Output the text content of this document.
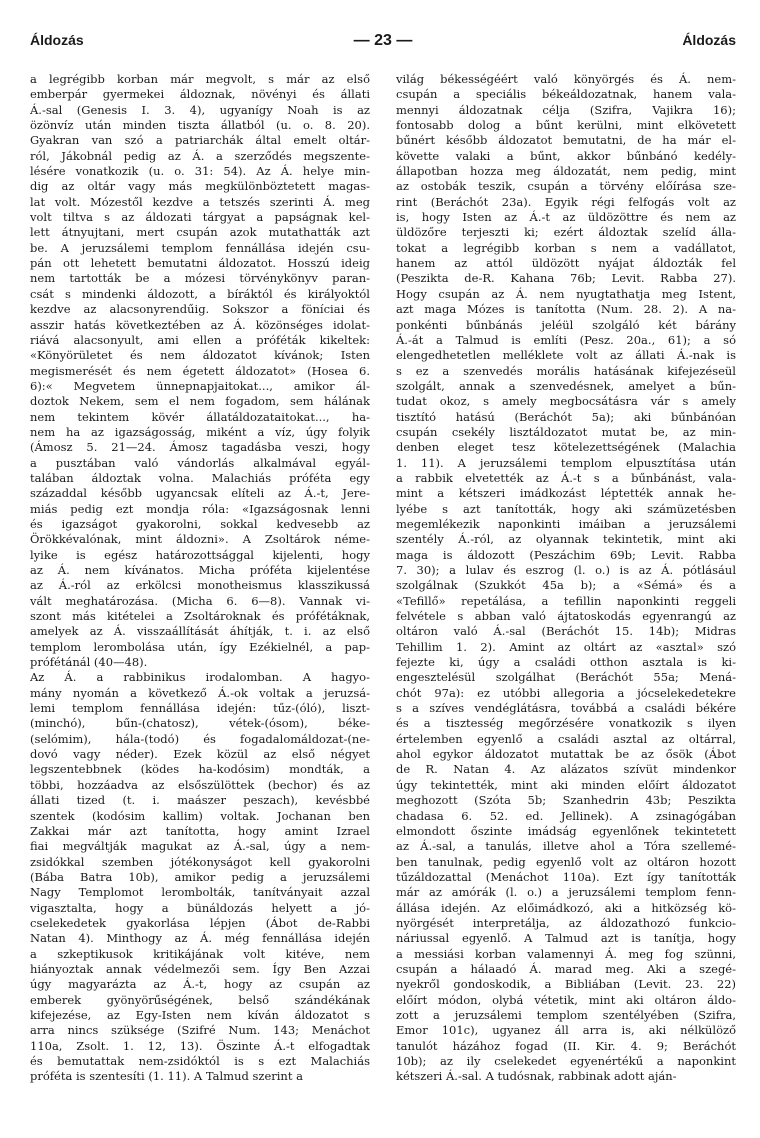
Áldozás	— 23 —	Áldozás
a legrégibb korban már megvolt, s már az első
emberpár gyermekei áldoznak, növényi és állati
Á.-sal (Genesis I. 3. 4), ugyanígy Noah is az
özönvíz után minden tiszta állatból (u. o. 8. 20).
Gyakran van szó a patriarchák által emelt oltár-
ról, Jákobnál pedig az Á. a szerződés megszente-
lésére vonatkozik (u. o. 31: 54). Az Á. helye min-
dig az oltár vagy más megkülönböztetett magas-
lat volt. Mózestől kezdve a tetszés szerinti Á. meg
volt tiltva s az áldozati tárgyat a papságnak kel-
lett átnyujtani, mert csupán azok mutathatták azt
be. A jeruzsálemi templom fennállása idején csu-
pán ott lehetett bemutatni áldozatot. Hosszú ideig
nem tartották be a mózesi törvénykönyv paran-
csát s mindenki áldozott, a bíráktól és királyoktól
kezdve az alacsonyrendűig. Sokszor a föníciai és
asszir hatás következtében az Á. közönséges idolat-
riává alacsonyult, ami ellen a próféták kikeltek:
«Könyörületet és nem áldozatot kívánok; Isten
megismerését és nem égetett áldozatot» (Hosea 6.
6):« Megvetem ünnepnapjaitokat..., amikor ál-
doztok Nekem, sem el nem fogadom, sem hálának
nem tekintem kövér állatáldozataitokat..., ha-
nem ha az igazságosság, miként a víz, úgy folyik
(Ámosz 5. 21—24. Ámosz tagadásba veszi, hogy
a pusztában való vándorlás alkalmával egyál-
talában áldoztak volna. Malachiás próféta egy
századdal később ugyancsak elíteli az Á.-t, Jere-
miás pedig ezt mondja róla: «Igazságosnak lenni
és igazságot gyakorolni, sokkal kedvesebb az
Örökkévalónak, mint áldozni». A Zsoltárok néme-
lyike is egész határozottsággal kijelenti, hogy
az Á. nem kívánatos. Micha próféta kijelentése
az Á.-ról az erkölcsi monotheismus klasszikussá
vált meghatározása. (Micha 6. 6—8). Vannak vi-
szont más kitételei a Zsoltároknak és prófétáknak,
amelyek az Á. visszaállítását áhítják, t. i. az első
templom lerombolása után, így Ezékielnél, a pap-
prófétánál (40—48).
Az Á. a rabbinikus irodalomban. A hagyo-
mány nyomán a következő Á.-ok voltak a jeruzsá-
lemi templom fennállása idején: tűz-(óló), liszt-
(minchó), bűn-(chatosz), vétek-(ósom), béke-
(selómim), hála-(todó) és fogadalomáldozat-(ne-
dovó vagy néder). Ezek közül az első négyet
legszentebbnek (ködes ha-kodósim) mondták, a
többi, hozzáadva az elsőszülöttek (bechor) és az
állati tized (t. i. maászer peszach), kevésbbé
szentek (kodósim kallim) voltak. Jochanan ben
Zakkai már azt tanította, hogy amint Izrael
fiai megváltják magukat az Á.-sal, úgy a nem-
zsidókkal szemben jótékonyságot kell gyakorolni
(Bába Batra 10b), amikor pedig a jeruzsálemi
Nagy Templomot lerombolták, tanítványait azzal
vigasztalta, hogy a bünáldozás helyett a jó-
cselekedetek gyakorlása lépjen (Ábot de-Rabbi
Natan 4). Minthogy az Á. még fennállása idején
a szkeptikusok kritikájának volt kitéve, nem
hiányoztak annak védelmezői sem. Így Ben Azzai
úgy magyarázta az Á.-t, hogy az csupán az
emberek gyönyörűségének, belső szándékának
kifejezése, az Egy-Isten nem kíván áldozatot s
arra nincs szüksége (Szifré Num. 143; Menáchot
110a, Zsolt. 1. 12, 13). Öszinte Á.-t elfogadtak
és bemutattak nem-zsidóktól is s ezt Malachiás
próféta is szentesíti (1. 11). A Talmud szerint a
világ békességéért való könyörgés és Á. nem-
csupán a speciális békeáldozatnak, hanem vala-
mennyi áldozatnak célja (Szifra, Vajikra 16);
fontosabb dolog a bűnt kerülni, mint elkövetett
bűnért később áldozatot bemutatni, de ha már el-
követte valaki a bűnt, akkor bűnbánó kedély-
állapotban hozza meg áldozatát, nem pedig, mint
az ostobák teszik, csupán a törvény előírása sze-
rint (Beráchót 23a). Egyik régi felfogás volt az
is, hogy Isten az Á.-t az üldözöttre és nem az
üldözőre terjeszti ki; ezért áldoztak szelíd álla-
tokat a legrégibb korban s nem a vadállatot,
hanem az attól üldözött nyájat áldozták fel
(Peszikta de-R. Kahana 76b; Levit. Rabba 27).
Hogy csupán az Á. nem nyugtathatja meg Istent,
azt maga Mózes is tanította (Num. 28. 2). A na-
ponkénti bűnbánás jeléül szolgáló két bárány
Á.-át a Talmud is említi (Pesz. 20a., 61); a só
elengedhetetlen melléklete volt az állati Á.-nak is
s ez a szenvedés morális hatásának kifejezéseül
szolgált, annak a szenvedésnek, amelyet a bűn-
tudat okoz, s amely megbocsátásra vár s amely
tisztító hatású (Beráchót 5a); aki bűnbánóan
csupán csekély lisztáldozatot mutat be, az min-
denben eleget tesz kötelezettségének (Malachia
1. 11). A jeruzsálemi templom elpusztítása után
a rabbik elvetették az Á.-t s a bűnbánást, vala-
mint a kétszeri imádkozást léptették annak he-
lyébe s azt tanították, hogy aki számüzetésben
megemlékezik naponkinti imáiban a jeruzsálemi
szentély Á.-ról, az olyannak tekintetik, mint aki
maga is áldozott (Peszáchim 69b; Levit. Rabba
7. 30); a lulav és eszrog (l. o.) is az Á. pótlásául
szolgálnak (Szukkót 45a b); a «Sémá» és a
«Tefillő» repetálása, a tefillin naponkinti reggeli
felvétele s abban való ájtatoskodás egyenrangú az
oltáron való Á.-sal (Beráchót 15. 14b); Midras
Tehillim 1. 2). Amint az oltárt az «asztal» szó
fejezte ki, úgy a családi otthon asztala is ki-
engesztelésül szolgálhat (Beráchót 55a; Mená-
chót 97a): ez utóbbi allegoria a jócselekedetekre
s a szíves vendéglátásra, továbbá a családi békére
és a tisztesség megőrzésére vonatkozik s ilyen
értelemben egyenlő a családi asztal az oltárral,
ahol egykor áldozatot mutattak be az ősök (Ábot
de R. Natan 4. Az alázatos szívüt mindenkor
úgy tekintették, mint aki minden előírt áldozatot
meghozott (Szóta 5b; Szanhedrin 43b; Peszikta
chadasa 6. 52. ed. Jellinek). A zsinagógában
elmondott őszinte imádság egyenlőnek tekintetett
az Á.-sal, a tanulás, illetve ahol a Tóra szellemé-
ben tanulnak, pedig egyenlő volt az oltáron hozott
tűzáldozattal (Menáchot 110a). Ezt így tanították
már az amórák (l. o.) a jeruzsálemi templom fenn-
állása idején. Az előimádkozó, aki a hitközség kö-
nyörgését interpretálja, az áldozathozó funkcio-
náriussal egyenlő. A Talmud azt is tanítja, hogy
a messiási korban valamennyi Á. meg fog szünni,
csupán a hálaadó Á. marad meg. Aki a szegé-
nyekről gondoskodik, a Bibliában (Levit. 23. 22)
előírt módon, olybá vétetik, mint aki oltáron áldo-
zott a jeruzsálemi templom szentélyében (Szifra,
Emor 101c), ugyanez áll arra is, aki nélkülöző
tanulót házához fogad (II. Kir. 4. 9; Beráchót
10b); az ily cselekedet egyenértékű a naponkint
kétszeri Á.-sal. A tudósnak, rabbinak adott aján-
